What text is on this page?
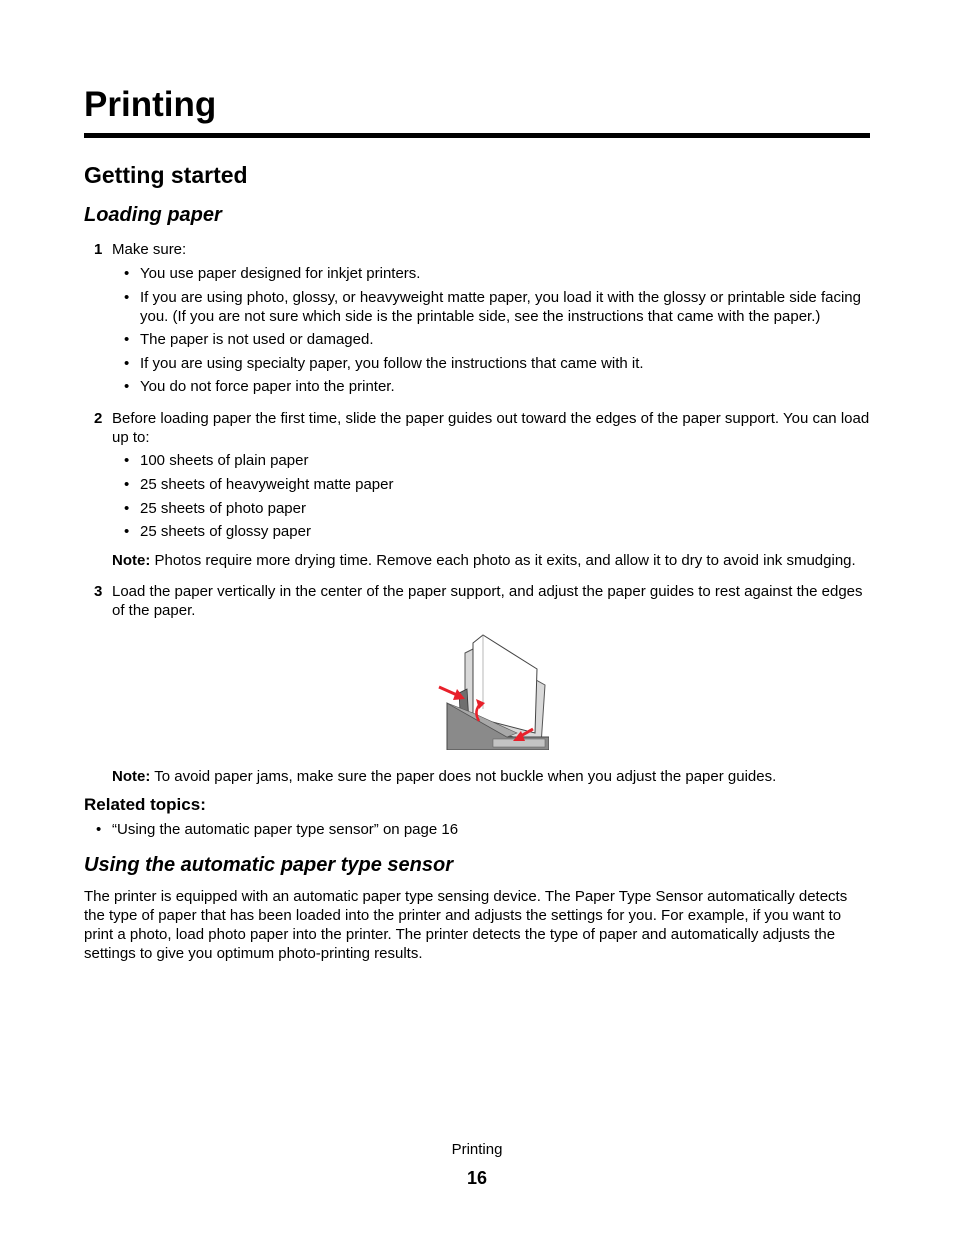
Printing
Getting started
Loading paper
1 Make sure:

• You use paper designed for inkjet printers.

• If you are using photo, glossy, or heavyweight matte paper, you load it with the glossy or printable side facing you. (If you are not sure which side is the printable side, see the instructions that came with the paper.)

• The paper is not used or damaged.

• If you are using specialty paper, you follow the instructions that came with it.

• You do not force paper into the printer.

2 Before loading paper the first time, slide the paper guides out toward the edges of the paper support. You can load up to:

• 100 sheets of plain paper

• 25 sheets of heavyweight matte paper

• 25 sheets of photo paper

• 25 sheets of glossy paper

Note: Photos require more drying time. Remove each photo as it exits, and allow it to dry to avoid ink smudging.

3 Load the paper vertically in the center of the paper support, and adjust the paper guides to rest against the edges of the paper.

Note: To avoid paper jams, make sure the paper does not buckle when you adjust the paper guides.

Related topics:

• “Using the automatic paper type sensor” on page 16

Using the automatic paper type sensor

The printer is equipped with an automatic paper type sensing device. The Paper Type Sensor automatically detects the type of paper that has been loaded into the printer and adjusts the settings for you. For example, if you want to print a photo, load photo paper into the printer. The printer detects the type of paper and automatically adjusts the settings to give you optimum photo-printing results.

Printing
16
